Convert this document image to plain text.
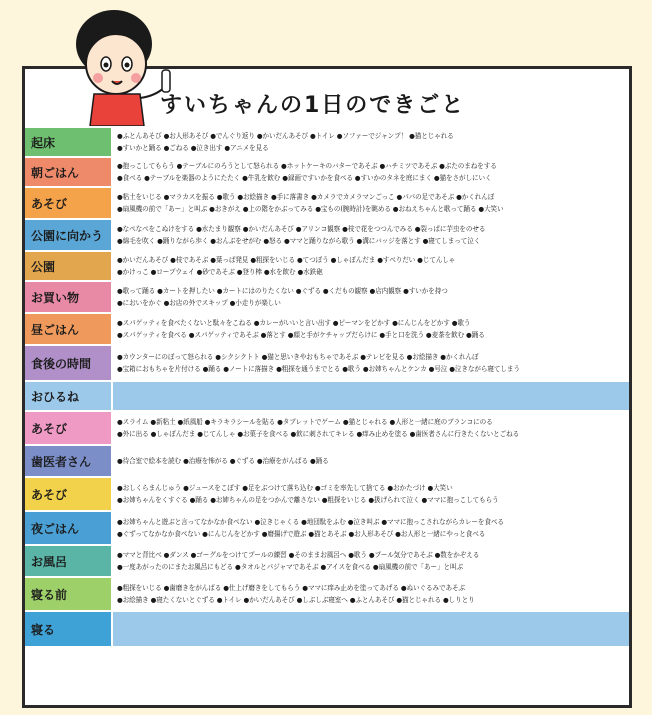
すいちゃんの1日のできごと
起床	●ふとんあそび ●お人形あそび ●でんぐり返り ●かいだんあそび ●トイレ ●ソファーでジャンプ！ ●猫とじゃれる
●すいかと踊る ●ごねる ●泣き出す ●アニメを見る
朝ごはん	●抱っこしてもらう ●テーブルにのろうとして怒られる ●ホットケーキのバターであそぶ ●ハチミツであそぶ ●ぶたのまねをする
●食べる ●テーブルを楽器のようにたたく ●牛乳を飲む ●録画ですいかを食べる ●すいかのタネを庭にまく ●猫をさがしにいく
あそび	●粘土をいじる ●マラカスを振る ●歌う ●お絵描き ●手に落書き ●カメラでカメラマンごっこ ●パパの足であそぶ ●かくれんぼ
●扇風機の前で「あー」と叫ぶ ●おきがえ ●上の階をかぶってみる ●宝もの(腕時計)を眺める ●おねえちゃんと歌って踊る ●大笑い
公園に向かう	●なぺなぺをこぬけをする ●水たまり観察 ●かいだんあそび ●アリンコ観察 ●枝で花をつつんでみる ●裂っぱに芋虫をのせる
●綿毛を吹く ●踊りながら歩く ●おんぶをせがむ ●怒る ●ママと踊りながら歌う ●溝にバッジを落とす ●寝てしまって泣く
公園	●かいだんあそび ●枝であそぶ ●葉っぱ発見 ●粗探をいじる ●てつぼう ●しゃぼんだま ●すべりだい ●じてんしゃ
●かけっこ ●ロープウェイ ●砂であそぶ ●登り棒 ●水を飲む ●水鉄砲
お買い物	●歌って踊る ●カートを押したい ●カートにはのりたくない ●ぐずる ●くだもの観察 ●店内観察 ●すいかを持つ
●においをかぐ ●お店の外でスキップ ●小走りが楽しい
昼ごはん	●スパゲッティを食べたくないと駄々をこねる ●カレーがいいと言い出す ●ピーマンをどかす ●にんじんをどかす ●歌う
●スパゲッティを食べる ●スパゲッティであそぶ ●落とす ●顔と手がケチャップだらけに ●手と口を洗う ●麦茶を飲む ●踊る
食後の時間	●カウンターにのぼって怒られる ●シクシクトト ●猫と思いきやおもちゃであそぶ ●テレビを見る ●お絵描き ●かくれんぼ
●宝箱におもちゃを片付ける ●踊る ●ノートに落描き ●粗探を通うまでとる ●歌う ●お姉ちゃんとケンカ ●号泣 ●泣きながら寝てしまう
おひるね
あそび	●スライム ●新粘土 ●紙風船 ●キラキラシールを貼る ●タブレットでゲーム ●猫とじゃれる ●人形と一緒に庭のブランコにのる
●外に出る ●しゃぼんだま ●じてんしゃ ●お菓子を食べる ●飲に刺されてキレる ●痒み止めを塗る ●歯医者さんに行きたくないとごねる
歯医者さん	●待合室で絵本を読む ●治療を怖がる ●ぐずる ●治療をがんばる ●踊る
あそび	●おしくらまんじゅう ●ジュースをこぼす ●足をぶつけて落ち込む ●ゴミを率先して捨てる ●おかたづけ ●大笑い
●お姉ちゃんをくすぐる ●踊る ●お姉ちゃんの足をつかんで離さない ●粗探をいじる ●扱げられて泣く ●ママに抱っこしてもらう
夜ごはん	●お姉ちゃんと遊ぶと言ってなかなか食べない ●泣きじゃくる ●地団駄をふむ ●泣き叫ぶ ●ママに抱っこされながらカレーを食べる
●ぐずってなかなか食べない ●にんじんをどかす ●磨揚げで遊ぶ ●猫とあそぶ ●お人形あそび ●お人形と一緒にやっと食べる
お風呂	●ママと背比べ ●ダンス ●ゴーグルをつけてプールの練習 ●そのままお風呂へ ●歌う ●プール気分であそぶ ●数をかぞえる
●一度あがったのにまたお風呂にもどる ●タオルとパジャマであそぶ ●アイスを食べる ●扇風機の前で「あー」と叫ぶ
寝る前	●粗探をいじる ●歯磨きをがんばる ●仕上げ磨きをしてもらう ●ママに痒み止めを塗ってあげる ●ぬいぐるみであそぶ
●お絵描き ●寝たくないとぐずる ●トイレ ●かいだんあそび ●しぶしぶ寝室へ ●ふとんあそび ●猫とじゃれる ●しりとり
寝る
